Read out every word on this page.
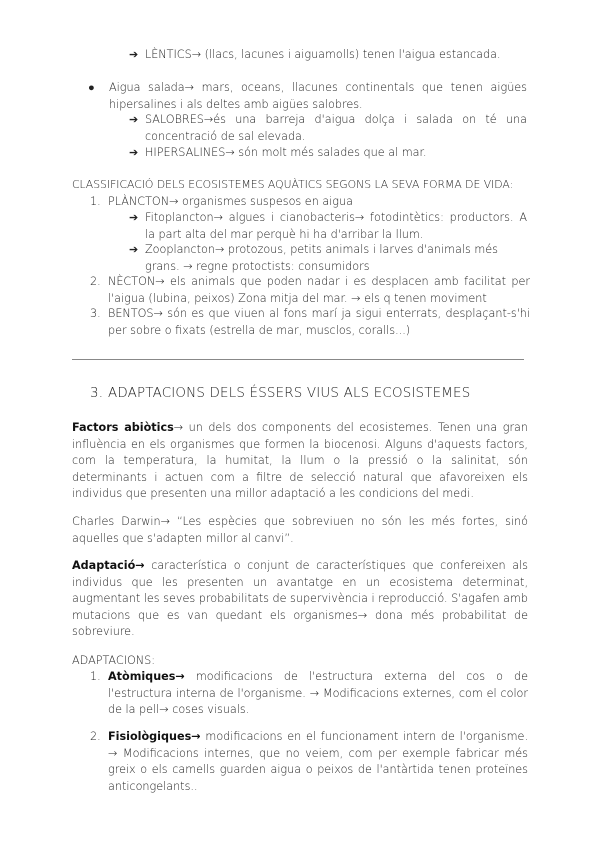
➔ LÈNTICS→ (llacs, lacunes i aiguamolls) tenen l'aigua estancada.
● Aigua salada→ mars, oceans, llacunes continentals que tenen aigües hipersalines i als deltes amb aigües salobres.
➔ SALOBRES→és una barreja d'aigua dolça i salada on té una concentració de sal elevada.
➔ HIPERSALINES→ són molt més salades que al mar.
CLASSIFICACIÓ DELS ECOSISTEMES AQUÀTICS SEGONS LA SEVA FORMA DE VIDA:
1. PLÀNCTON→ organismes suspesos en aigua
➔ Fitoplancton→ algues i cianobacteris→ fotodintètics: productors. A la part alta del mar perquè hi ha d'arribar la llum.
➔ Zooplancton→ protozous, petits animals i larves d'animals més grans. → regne protoctists: consumidors
2. NÈCTON→ els animals que poden nadar i es desplacen amb facilitat per l'aigua (lubina, peixos) Zona mitja del mar. → els q tenen moviment
3. BENTOS→ són es que viuen al fons marí ja sigui enterrats, desplaçant-s'hi per sobre o fixats (estrella de mar, musclos, coralls...)
3. ADAPTACIONS DELS ÉSSERS VIUS ALS ECOSISTEMES
Factors abiòtics→ un dels dos components del ecosistemes. Tenen una gran influència en els organismes que formen la biocenosi. Alguns d'aquests factors, com la temperatura, la humitat, la llum o la pressió o la salinitat, són determinants i actuen com a filtre de selecció natural que afavoreixen els individus que presenten una millor adaptació a les condicions del medi.
Charles Darwin→ “Les espècies que sobreviuen no són les més fortes, sinó aquelles que s'adapten millor al canvi”.
Adaptació→ característica o conjunt de característiques que confereixen als individus que les presenten un avantatge en un ecosistema determinat, augmentant les seves probabilitats de supervivència i reproducció. S'agafen amb mutacions que es van quedant els organismes→ dona més probabilitat de sobreviure.
ADAPTACIONS:
1. Atòmiques→ modificacions de l'estructura externa del cos o de l'estructura interna de l'organisme. → Modificacions externes, com el color de la pell→ coses visuals.
2. Fisiològiques→ modificacions en el funcionament intern de l'organisme. → Modificacions internes, que no veiem, com per exemple fabricar més greix o els camells guarden aigua o peixos de l'antàrtida tenen proteïnes anticongelants..
